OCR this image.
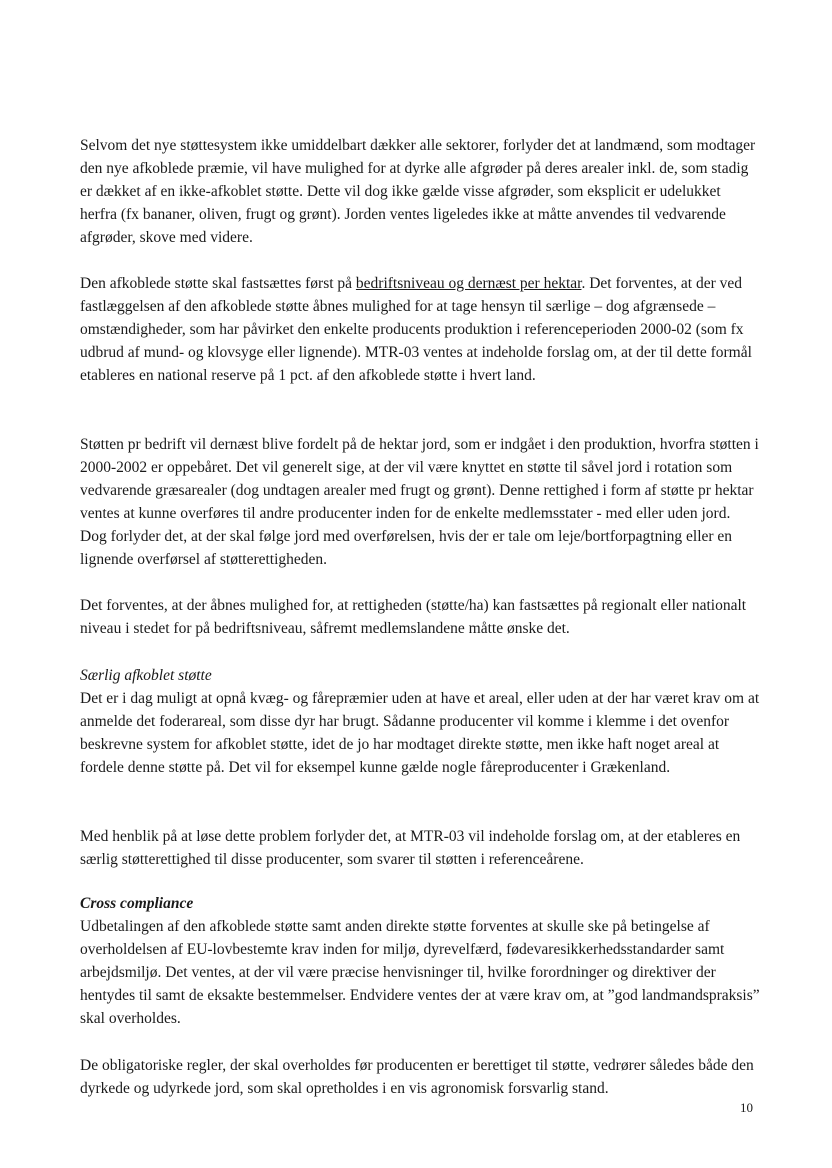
Selvom det nye støttesystem ikke umiddelbart dækker alle sektorer, forlyder det at landmænd, som modtager den nye afkoblede præmie, vil have mulighed for at dyrke alle afgrøder på deres arealer inkl. de, som stadig er dækket af en ikke-afkoblet støtte. Dette vil dog ikke gælde visse afgrøder, som eksplicit er udelukket herfra (fx bananer, oliven, frugt og grønt). Jorden ventes ligeledes ikke at måtte anvendes til vedvarende afgrøder, skove med videre.

Den afkoblede støtte skal fastsættes først på bedriftsniveau og dernæst per hektar. Det forventes, at der ved fastlæggelsen af den afkoblede støtte åbnes mulighed for at tage hensyn til særlige – dog afgrænsede – omstændigheder, som har påvirket den enkelte producents produktion i referenceperioden 2000-02 (som fx udbrud af mund- og klovsyge eller lignende). MTR-03 ventes at indeholde forslag om, at der til dette formål etableres en national reserve på 1 pct. af den afkoblede støtte i hvert land.

Støtten pr bedrift vil dernæst blive fordelt på de hektar jord, som er indgået i den produktion, hvorfra støtten i 2000-2002 er oppebåret. Det vil generelt sige, at der vil være knyttet en støtte til såvel jord i rotation som vedvarende græsarealer (dog undtagen arealer med frugt og grønt). Denne rettighed i form af støtte pr hektar ventes at kunne overføres til andre producenter inden for de enkelte medlemsstater - med eller uden jord. Dog forlyder det, at der skal følge jord med overførelsen, hvis der er tale om leje/bortforpagtning eller en lignende overførsel af støtterettigheden.

Det forventes, at der åbnes mulighed for, at rettigheden (støtte/ha) kan fastsættes på regionalt eller nationalt niveau i stedet for på bedriftsniveau, såfremt medlemslandene måtte ønske det.

Særlig afkoblet støtte

Det er i dag muligt at opnå kvæg- og fårepræmier uden at have et areal, eller uden at der har været krav om at anmelde det foderareal, som disse dyr har brugt. Sådanne producenter vil komme i klemme i det ovenfor beskrevne system for afkoblet støtte, idet de jo har modtaget direkte støtte, men ikke haft noget areal at fordele denne støtte på. Det vil for eksempel kunne gælde nogle fåreproducenter i Grækenland.

Med henblik på at løse dette problem forlyder det, at MTR-03 vil indeholde forslag om, at der etableres en særlig støtterettighed til disse producenter, som svarer til støtten i referenceårene.

Cross compliance

Udbetalingen af den afkoblede støtte samt anden direkte støtte forventes at skulle ske på betingelse af overholdelsen af EU-lovbestemte krav inden for miljø, dyrevelfærd, fødevaresikkerhedsstandarder samt arbejdsmiljø. Det ventes, at der vil være præcise henvisninger til, hvilke forordninger og direktiver der hentydes til samt de eksakte bestemmelser. Endvidere ventes der at være krav om, at ”god landmandspraksis” skal overholdes.

De obligatoriske regler, der skal overholdes før producenten er berettiget til støtte, vedrører således både den dyrkede og udyrkede jord, som skal opretholdes i en vis agronomisk forsvarlig stand.

10
